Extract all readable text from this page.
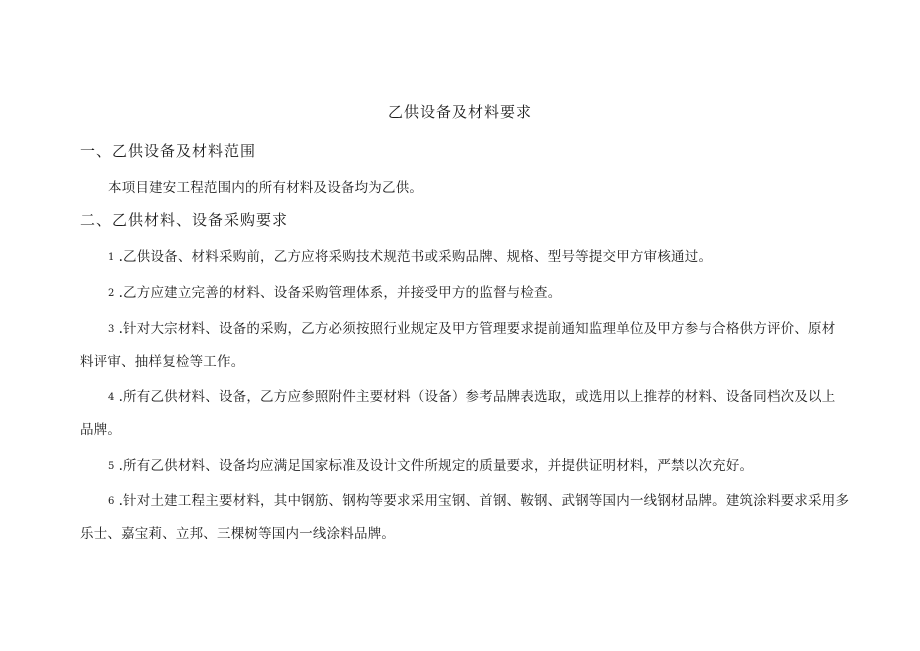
乙供设备及材料要求
一、乙供设备及材料范围
本项目建安工程范围内的所有材料及设备均为乙供。
二、乙供材料、设备采购要求
1 .乙供设备、材料采购前，乙方应将采购技术规范书或采购品牌、规格、型号等提交甲方审核通过。
2 .乙方应建立完善的材料、设备采购管理体系，并接受甲方的监督与检查。
3 .针对大宗材料、设备的采购，乙方必须按照行业规定及甲方管理要求提前通知监理单位及甲方参与合格供方评价、原材
料评审、抽样复检等工作。
4 .所有乙供材料、设备，乙方应参照附件主要材料（设备）参考品牌表选取，或选用以上推荐的材料、设备同档次及以上
品牌。
5 .所有乙供材料、设备均应满足国家标准及设计文件所规定的质量要求，并提供证明材料，严禁以次充好。
6 .针对土建工程主要材料，其中钢筋、钢构等要求采用宝钢、首钢、鞍钢、武钢等国内一线钢材品牌。建筑涂料要求采用多
乐士、嘉宝莉、立邦、三棵树等国内一线涂料品牌。
